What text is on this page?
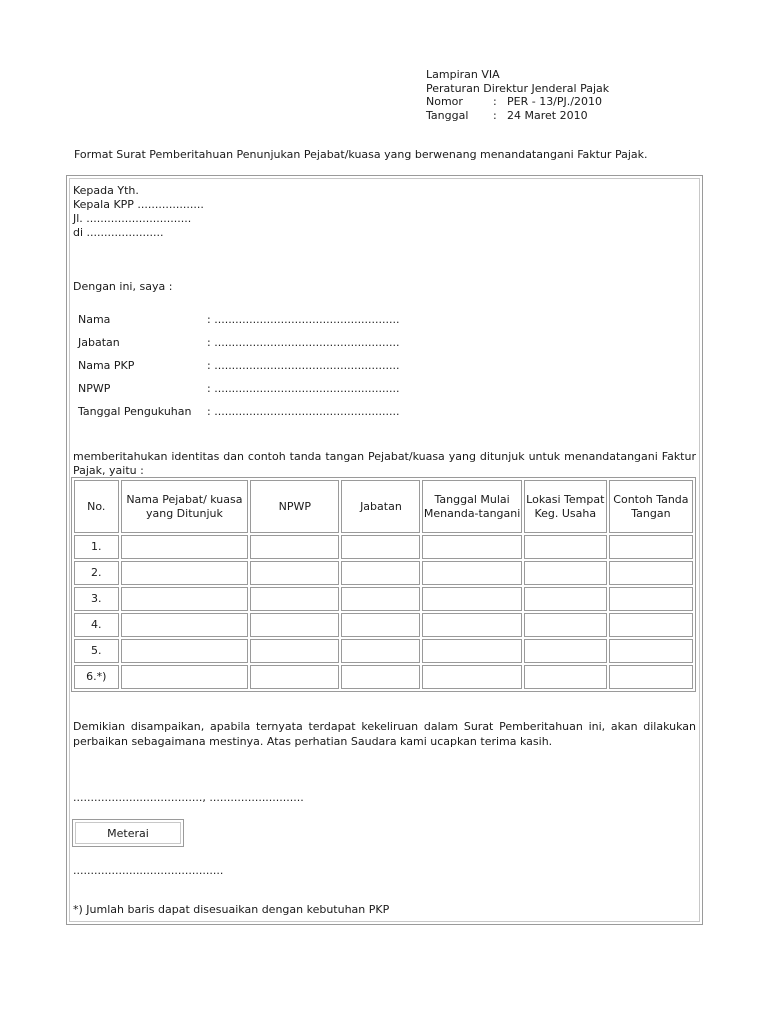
Lampiran VIA
Peraturan Direktur Jenderal Pajak
Nomor	: PER - 13/PJ./2010
Tanggal	: 24 Maret 2010
Format Surat Pemberitahuan Penunjukan Pejabat/kuasa yang berwenang menandatangani Faktur Pajak.
Kepada Yth.
Kepala KPP ...................
Jl. ..............................
di ......................
Dengan ini, saya :
Nama	: .....................................................
Jabatan	: .....................................................
Nama PKP	: .....................................................
NPWP	: .....................................................
Tanggal Pengukuhan : .....................................................
memberitahukan identitas dan contoh tanda tangan Pejabat/kuasa yang ditunjuk untuk menandatangani Faktur Pajak, yaitu :
No.	Nama Pejabat/ kuasa yang Ditunjuk	NPWP	Jabatan	Tanggal Mulai Menanda-tangani	Lokasi Tempat Keg. Usaha	Contoh Tanda Tangan
1.						
2.						
3.						
4.						
5.						
6.*)						
Demikian disampaikan, apabila ternyata terdapat kekeliruan dalam Surat Pemberitahuan ini, akan dilakukan perbaikan sebagaimana mestinya. Atas perhatian Saudara kami ucapkan terima kasih.
....................................., ...........................
Meterai
...........................................
*) Jumlah baris dapat disesuaikan dengan kebutuhan PKP
